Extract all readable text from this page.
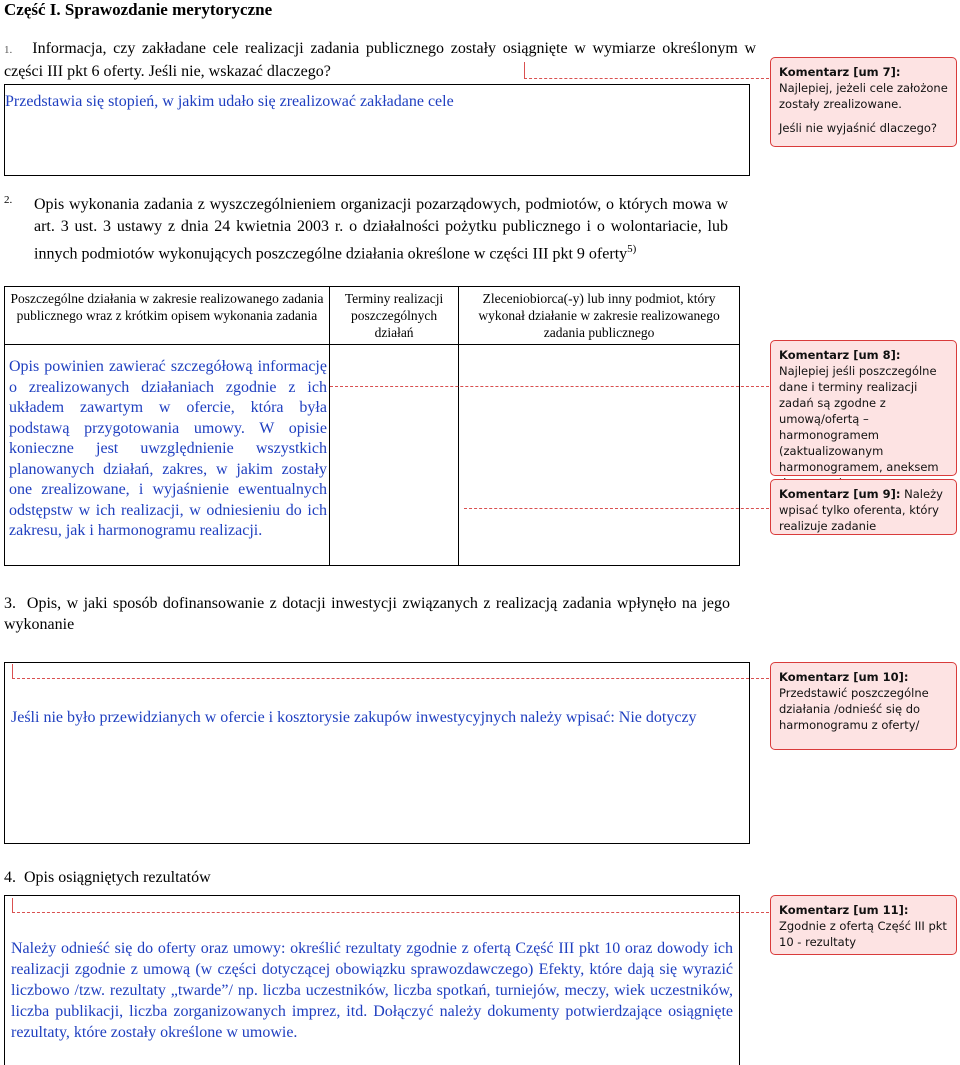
Część I. Sprawozdanie merytoryczne
1. Informacja, czy zakładane cele realizacji zadania publicznego zostały osiągnięte w wymiarze określonym w części III pkt 6 oferty. Jeśli nie, wskazać dlaczego?
Przedstawia się stopień, w jakim udało się zrealizować zakładane cele
2. Opis wykonania zadania z wyszczególnieniem organizacji pozarządowych, podmiotów, o których mowa w art. 3 ust. 3 ustawy z dnia 24 kwietnia 2003 r. o działalności pożytku publicznego i o wolontariacie, lub innych podmiotów wykonujących poszczególne działania określone w części III pkt 9 oferty$^{5)}$
Poszczególne działania w zakresie realizowanego zadania publicznego wraz z krótkim opisem wykonania zadania	Terminy realizacji poszczególnych działań	Zleceniobiorca(-y) lub inny podmiot, który wykonał działanie w zakresie realizowanego zadania publicznego

Opis powinien zawierać szczegółową informację o zrealizowanych działaniach zgodnie z ich układem zawartym w ofercie, która była podstawą przygotowania umowy. W opisie konieczne jest uwzględnienie wszystkich planowanych działań, zakres, w jakim zostały one zrealizowane, i wyjaśnienie ewentualnych odstępstw w ich realizacji, w odniesieniu do ich zakresu, jak i harmonogramu realizacji.		

3. Opis, w jaki sposób dofinansowanie z dotacji inwestycji związanych z realizacją zadania wpłynęło na jego wykonanie
Jeśli nie było przewidzianych w ofercie i kosztorysie zakupów inwestycyjnych należy wpisać: Nie dotyczy
4. Opis osiągniętych rezultatów
Należy odnieść się do oferty oraz umowy: określić rezultaty zgodnie z ofertą Część III pkt 10 oraz dowody ich realizacji zgodnie z umową (w części dotyczącej obowiązku sprawozdawczego) Efekty, które dają się wyrazić liczbowo /tzw. rezultaty „twarde”/ np. liczba uczestników, liczba spotkań, turniejów, meczy, wiek uczestników, liczba publikacji, liczba zorganizowanych imprez, itd. Dołączyć należy dokumenty potwierdzające osiągnięte rezultaty, które zostały określone w umowie.
Komentarz [um 7]: Najlepiej, jeżeli cele założone zostały zrealizowane.
Jeśli nie wyjaśnić dlaczego?
Komentarz [um 8]: Najlepiej jeśli poszczególne dane i terminy realizacji zadań są zgodne z umową/ofertą – harmonogramem (zaktualizowanym harmonogramem, aneksem
Komentarz [um 9]: Należy wpisać tylko oferenta, który realizuje zadanie
Komentarz [um 10]: Przedstawić poszczególne działania /odnieść się do harmonogramu z oferty/
Komentarz [um 11]: Zgodnie z ofertą Część III pkt 10 - rezultaty
